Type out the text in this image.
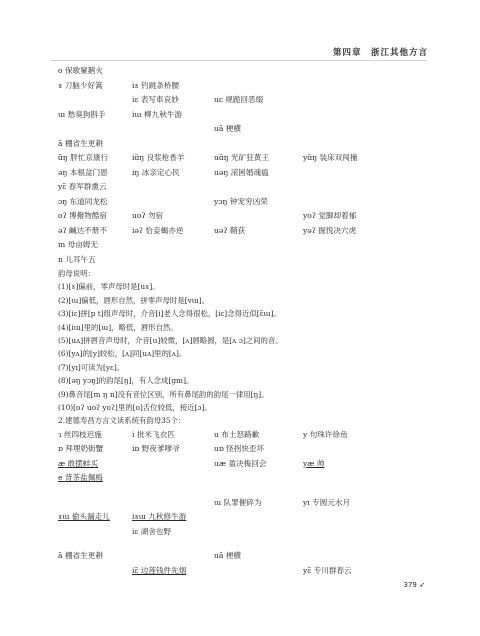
第四章　浙江其他方言
o 保歌窠鹅火
ɤ 刀脑少好篙	iɤ 钓跳条桥腰
iε 表写車哀妙	uε 规跪回恶缀
ɯ 愁臭狗斟手	iɯ 柳九秋牛游
uã 梗横
ã 棚省生更耕
ɑ̃ŋ 胖忙京康行	iɑ̃ŋ 良浆枪香羊	uɑ̃ŋ 光矿狂黄王	yɑ̃ŋ 装床双闯撞
əŋ 本根盆门恩	iŋ 冰亲定心民	uəŋ 滚困婚魂瘟
yɛ̃ 春军群熏云
ɔŋ 东道同龙松	yɔŋ 钟宠穷凶荣
oʔ 博撥物酷宿	uoʔ 勿宿	yoʔ 觉脚却着郁
əʔ 鹹达不册不	iəʔ 恰妾蝎亦逆	uəʔ 鞘获	yəʔ 掘悦决穴虎
m 母亩姆无
n 儿耳午五
韵母说明：
(1)[ɤ]偏前，零声母时是[uɤ]。
(2)[ɯ]偏低，唇形自然，拼零声母时是[vɯ]。
(3)[iε]拼[p t]组声母时，介音[i]老人念得很松，[iε]念得近似[ɛ̃ɯ]。
(4)[iɯ]里的[ɯ]，略低，唇形自然。
(5)[uʌ]拼唇音声母时，介音[u]较微，[ʌ]唇略圆，是[ʌ ɔ]之间的音。
(6)[yʌ]的[y]较松，[ʌ]同[uʌ]里的[ʌ]。
(7)[yɪ]可读为[yɛ]。
(8)[əŋ yɔŋ]的韵尾[ŋ]，有人念成[ɡm]。
(9)鼻音尾[m ŋ n]没有音位区别，所有鼻尾韵的韵尾一律用[ŋ]。
(10)[oʔ uoʔ yoʔ]里的[o]舌位较低，接近[ɔ]。
2.建德寿昌方言文读系统有韵母35个：
ɿ 丝四枝迟施	i 批米飞衣匹	u 布土怒路歉	y 句珠许徐鱼
ɒ 拜埋奶街蟹	iɒ 野夜爹嗲爷	uɒ 怪拐快歪坏
æ 敢摆蚌买	uæ 盈决梅回会	yæ 帅
e 背茶盐佩梅
ɯ 队罪催碎为	yɪ 专圆元水月
ɤɯ 偷头漏走儿	iɤɯ 九秋修牛游
iε 湖舍也野
ã 棚省生更耕	uã 梗横
iɛ̃ 边莲钱件先烟	yɛ̃ 专川群春云
379 ➶
